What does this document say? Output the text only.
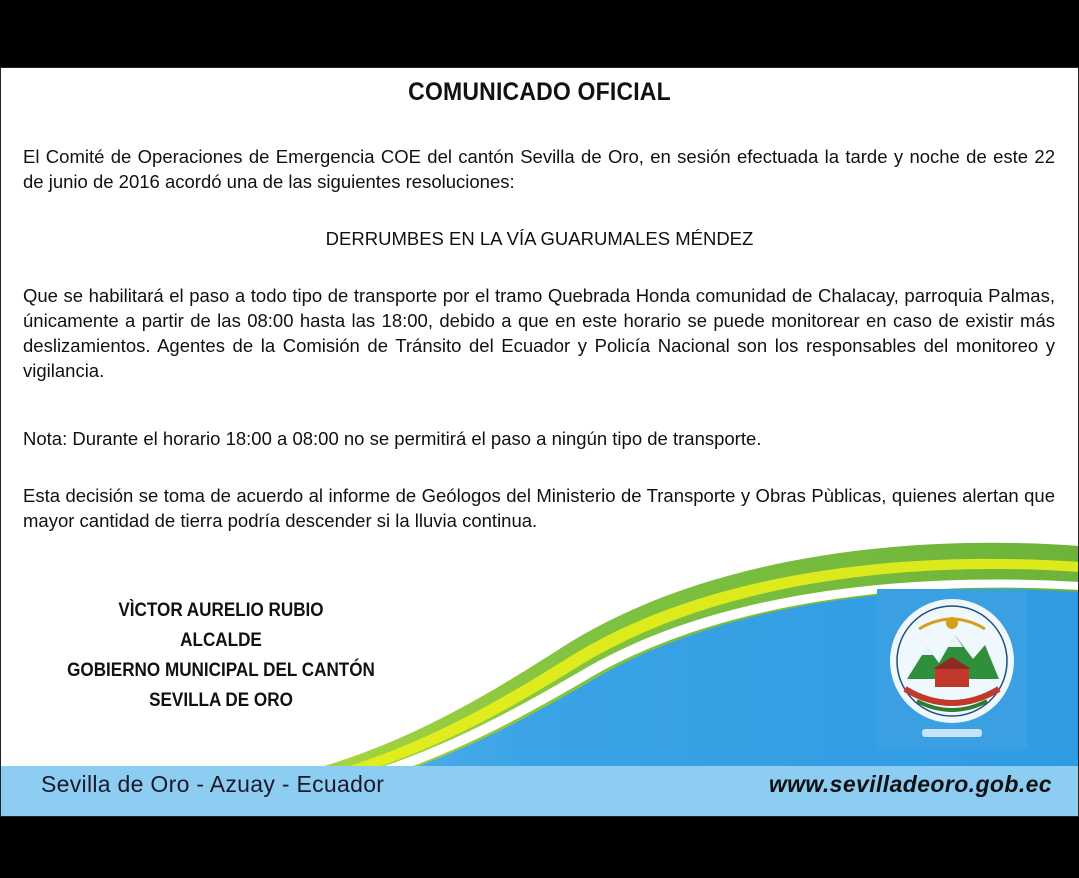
COMUNICADO OFICIAL
El Comité de Operaciones de Emergencia COE del cantón Sevilla de Oro, en sesión efectuada la tarde y noche de este 22 de junio de 2016 acordó una de las siguientes resoluciones:
DERRUMBES EN LA VÍA GUARUMALES MÉNDEZ
Que se habilitará el paso a todo tipo de transporte por el tramo Quebrada Honda comunidad de Chalacay, parroquia Palmas, únicamente a partir de las 08:00 hasta las 18:00, debido a que en este horario se puede monitorear en caso de existir más deslizamientos. Agentes de la Comisión de Tránsito del Ecuador y Policía Nacional son los responsables del monitoreo y vigilancia.
Nota: Durante el horario 18:00 a 08:00 no se permitirá el paso a ningún tipo de transporte.
Esta decisión se toma de acuerdo al informe de Geólogos del Ministerio de Transporte y Obras Pùblicas, quienes alertan que mayor cantidad de tierra podría descender si la lluvia continua.
VÌCTOR AURELIO RUBIO
ALCALDE
GOBIERNO MUNICIPAL DEL CANTÓN
SEVILLA DE ORO
Sevilla de Oro - Azuay - Ecuador	www.sevilladeoro.gob.ec
